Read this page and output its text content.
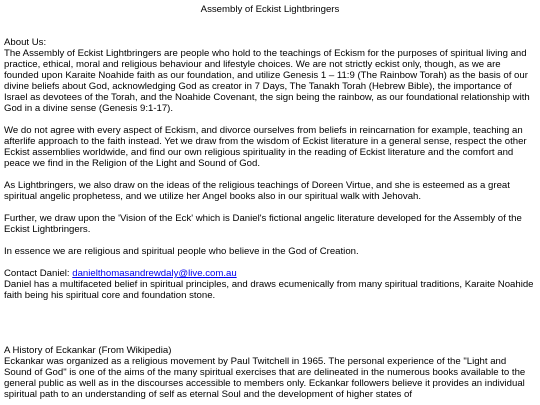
Assembly of Eckist Lightbringers
About Us:
The Assembly of Eckist Lightbringers are people who hold to the teachings of Eckism for the purposes of spiritual living and practice, ethical, moral and religious behaviour and lifestyle choices. We are not strictly eckist only, though, as we are founded upon Karaite Noahide faith as our foundation, and utilize Genesis 1 – 11:9 (The Rainbow Torah) as the basis of our divine beliefs about God, acknowledging God as creator in 7 Days, The Tanakh Torah (Hebrew Bible), the importance of Israel as devotees of the Torah, and the Noahide Covenant, the sign being the rainbow, as our foundational relationship with God in a divine sense (Genesis 9:1-17).
We do not agree with every aspect of Eckism, and divorce ourselves from beliefs in reincarnation for example, teaching an afterlife approach to the faith instead. Yet we draw from the wisdom of Eckist literature in a general sense, respect the other Eckist assemblies worldwide, and find our own religious spirituality in the reading of Eckist literature and the comfort and peace we find in the Religion of the Light and Sound of God.
As Lightbringers, we also draw on the ideas of the religious teachings of Doreen Virtue, and she is esteemed as a great spiritual angelic prophetess, and we utilize her Angel books also in our spiritual walk with Jehovah.
Further, we draw upon the 'Vision of the Eck' which is Daniel's fictional angelic literature developed for the Assembly of the Eckist Lightbringers.
In essence we are religious and spiritual people who believe in the God of Creation.
Contact Daniel: danielthomasandrewdaly@live.com.au
Daniel has a multifaceted belief in spiritual principles, and draws ecumenically from many spiritual traditions, Karaite Noahide faith being his spiritual core and foundation stone.
A History of Eckankar (From Wikipedia)
Eckankar was organized as a religious movement by Paul Twitchell in 1965. The personal experience of the "Light and Sound of God" is one of the aims of the many spiritual exercises that are delineated in the numerous books available to the general public as well as in the discourses accessible to members only. Eckankar followers believe it provides an individual spiritual path to an understanding of self as eternal Soul and the development of higher states of
